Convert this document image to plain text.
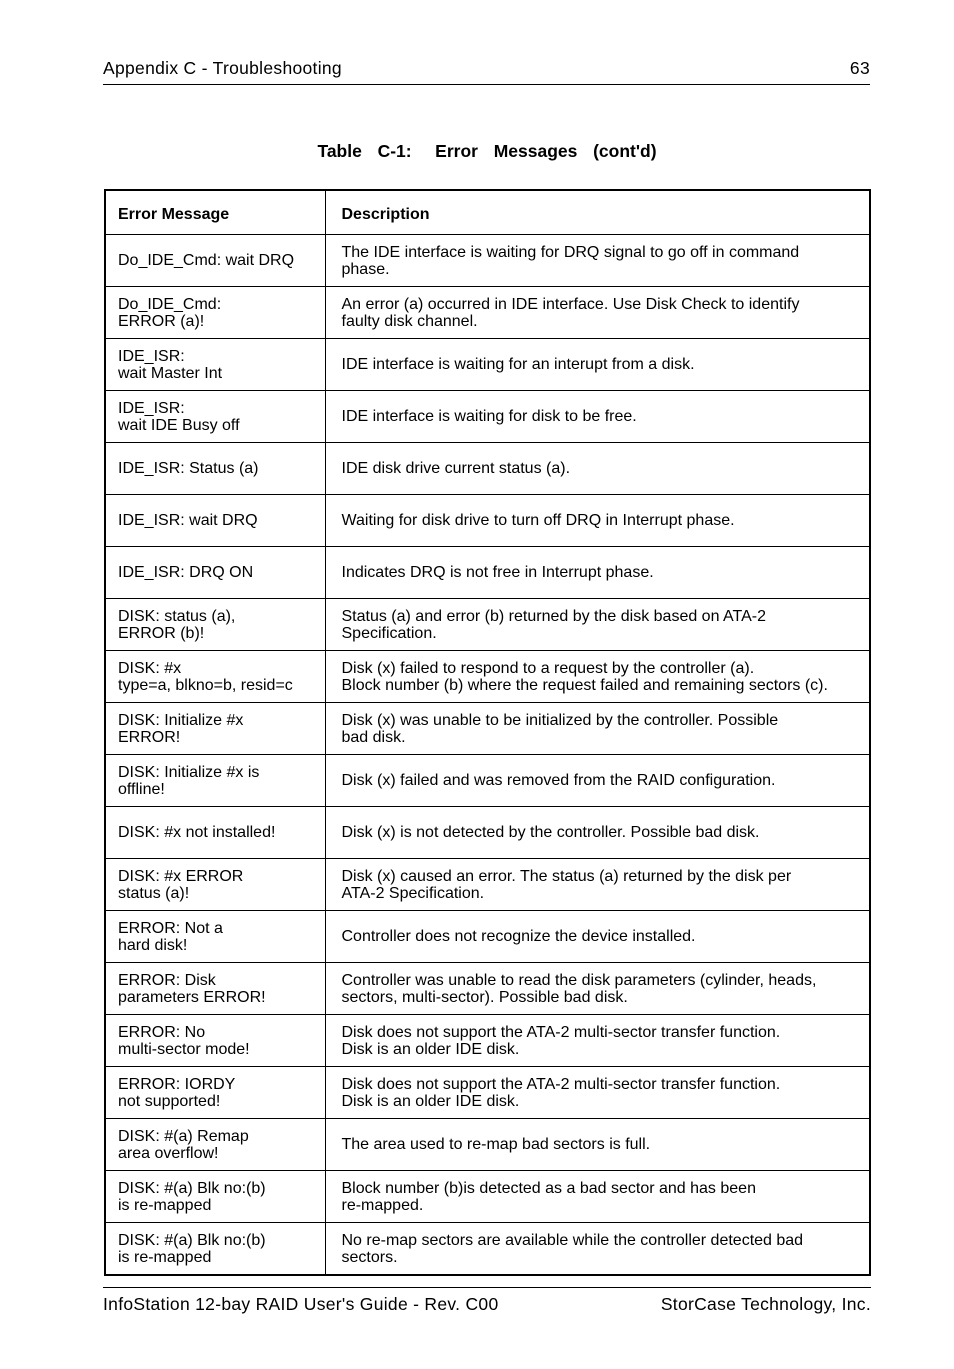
Appendix C - Troubleshooting	63
Table  C-1:   Error  Messages  (cont'd)
Error Message	Description
Do_IDE_Cmd: wait DRQ	The IDE interface is waiting for DRQ signal to go off in command
phase.
Do_IDE_Cmd:
ERROR (a)!	An error (a) occurred in IDE interface. Use Disk Check to identify
faulty disk channel.
IDE_ISR:
wait Master Int	IDE interface is waiting for an interupt from a disk.
IDE_ISR:
wait IDE Busy off	IDE interface is waiting for disk to be free.
IDE_ISR: Status (a)	IDE disk drive current status (a).
IDE_ISR: wait DRQ	Waiting for disk drive to turn off DRQ in Interrupt phase.
IDE_ISR: DRQ ON	Indicates DRQ is not free in Interrupt phase.
DISK: status (a),
ERROR (b)!	Status (a) and error (b) returned by the disk based on ATA-2
Specification.
DISK: #x
type=a, blkno=b, resid=c	Disk (x) failed to respond to a request by the controller (a).
Block number (b) where the request failed and remaining sectors (c).
DISK: Initialize #x
ERROR!	Disk (x) was unable to be initialized by the controller. Possible
bad disk.
DISK: Initialize #x is
offline!	Disk (x) failed and was removed from the RAID configuration.
DISK: #x not installed!	Disk (x) is not detected by the controller. Possible bad disk.
DISK: #x ERROR
status (a)!	Disk (x) caused an error. The status (a) returned by the disk per
ATA-2 Specification.
ERROR: Not a
hard disk!	Controller does not recognize the device installed.
ERROR: Disk
parameters ERROR!	Controller was unable to read the disk parameters (cylinder, heads,
sectors, multi-sector). Possible bad disk.
ERROR: No
multi-sector mode!	Disk does not support the ATA-2 multi-sector transfer function.
Disk is an older IDE disk.
ERROR: IORDY
not supported!	Disk does not support the ATA-2 multi-sector transfer function.
Disk is an older IDE disk.
DISK: #(a) Remap
area overflow!	The area used to re-map bad sectors is full.
DISK: #(a) Blk no:(b)
is re-mapped	Block number (b)is detected as a bad sector and has been
re-mapped.
DISK: #(a) Blk no:(b)
is re-mapped	No re-map sectors are available while the controller detected bad
sectors.
InfoStation 12-bay RAID User's Guide - Rev. C00	StorCase Technology, Inc.
